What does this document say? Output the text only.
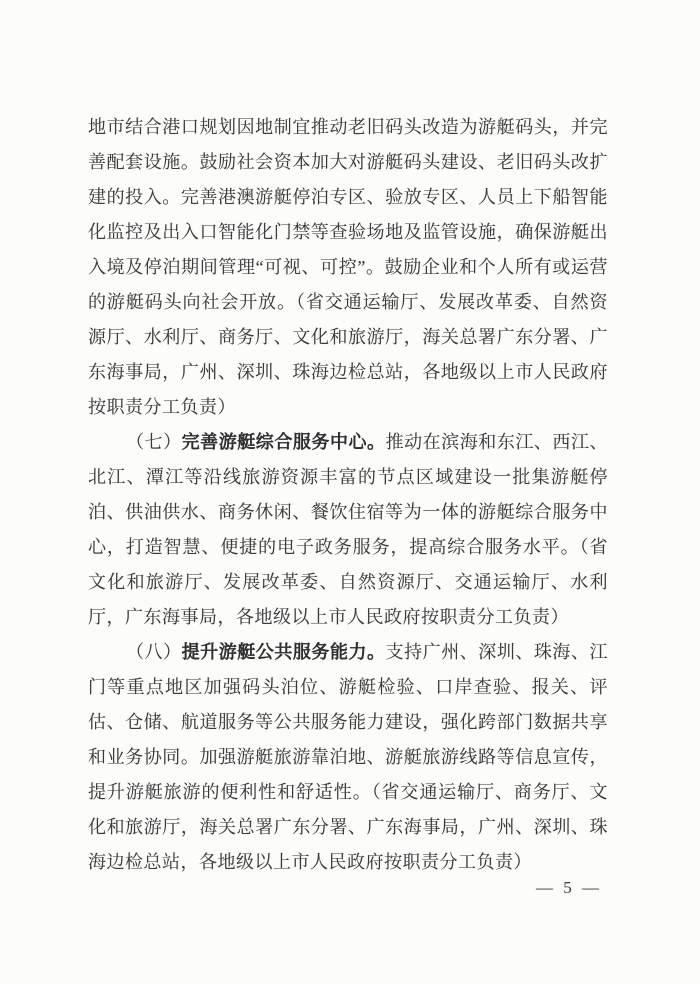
地市结合港口规划因地制宜推动老旧码头改造为游艇码头，并完善配套设施。鼓励社会资本加大对游艇码头建设、老旧码头改扩建的投入。完善港澳游艇停泊专区、验放专区、人员上下船智能化监控及出入口智能化门禁等查验场地及监管设施，确保游艇出入境及停泊期间管理“可视、可控”。鼓励企业和个人所有或运营的游艇码头向社会开放。（省交通运输厅、发展改革委、自然资源厅、水利厅、商务厅、文化和旅游厅，海关总署广东分署、广东海事局，广州、深圳、珠海边检总站，各地级以上市人民政府按职责分工负责）

（七）完善游艇综合服务中心。推动在滨海和东江、西江、北江、潭江等沿线旅游资源丰富的节点区域建设一批集游艇停泊、供油供水、商务休闲、餐饮住宿等为一体的游艇综合服务中心，打造智慧、便捷的电子政务服务，提高综合服务水平。（省文化和旅游厅、发展改革委、自然资源厅、交通运输厅、水利厅，广东海事局，各地级以上市人民政府按职责分工负责）

（八）提升游艇公共服务能力。支持广州、深圳、珠海、江门等重点地区加强码头泊位、游艇检验、口岸查验、报关、评估、仓储、航道服务等公共服务能力建设，强化跨部门数据共享和业务协同。加强游艇旅游靠泊地、游艇旅游线路等信息宣传，提升游艇旅游的便利性和舒适性。（省交通运输厅、商务厅、文化和旅游厅，海关总署广东分署、广东海事局，广州、深圳、珠海边检总站，各地级以上市人民政府按职责分工负责）

— 5 —
